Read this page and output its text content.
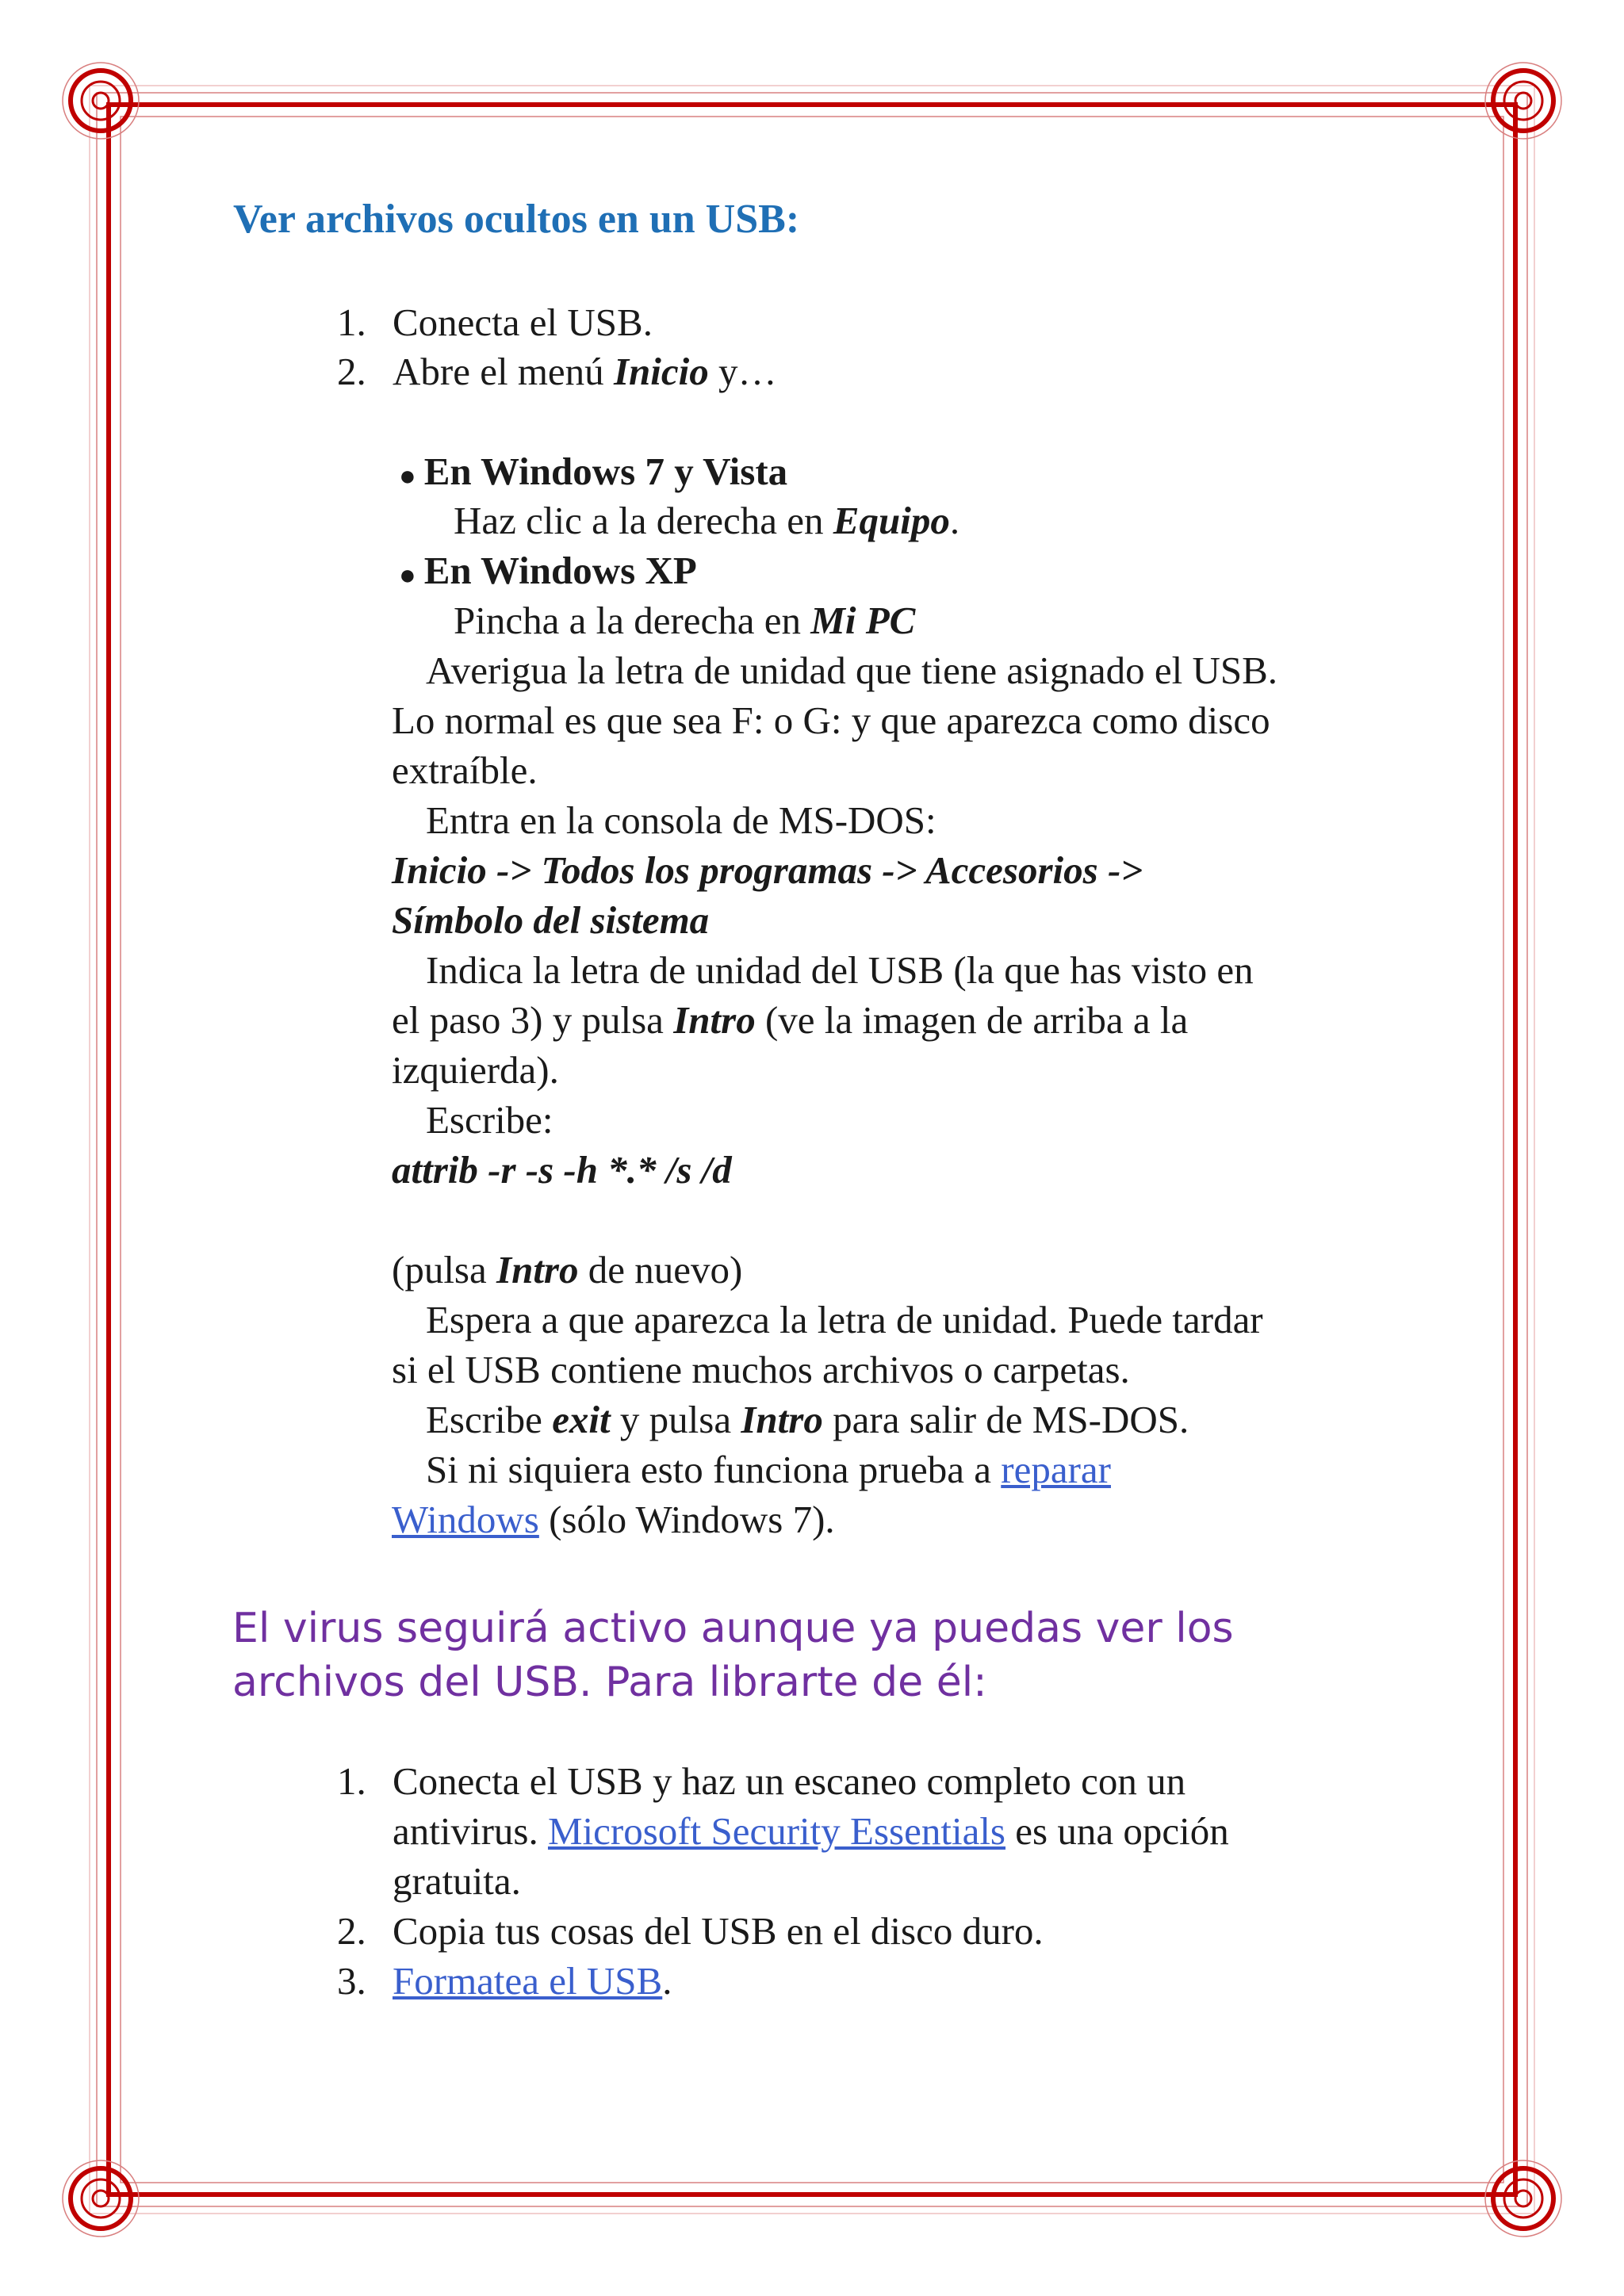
Ver archivos ocultos en un USB:
1. Conecta el USB.
2. Abre el menú Inicio y…
● En Windows 7 y Vista
Haz clic a la derecha en Equipo.
● En Windows XP
Pincha a la derecha en Mi PC
Averigua la letra de unidad que tiene asignado el USB.
Lo normal es que sea F: o G: y que aparezca como disco
extraíble.
Entra en la consola de MS-DOS:
Inicio -> Todos los programas -> Accesorios ->
Símbolo del sistema
Indica la letra de unidad del USB (la que has visto en
el paso 3) y pulsa Intro (ve la imagen de arriba a la
izquierda).
Escribe:
attrib -r -s -h *.* /s /d
(pulsa Intro de nuevo)
Espera a que aparezca la letra de unidad. Puede tardar
si el USB contiene muchos archivos o carpetas.
Escribe exit y pulsa Intro para salir de MS-DOS.
Si ni siquiera esto funciona prueba a reparar
Windows (sólo Windows 7).
El virus seguirá activo aunque ya puedas ver los
archivos del USB. Para librarte de él:
1. Conecta el USB y haz un escaneo completo con un
antivirus. Microsoft Security Essentials es una opción
gratuita.
2. Copia tus cosas del USB en el disco duro.
3. Formatea el USB.
